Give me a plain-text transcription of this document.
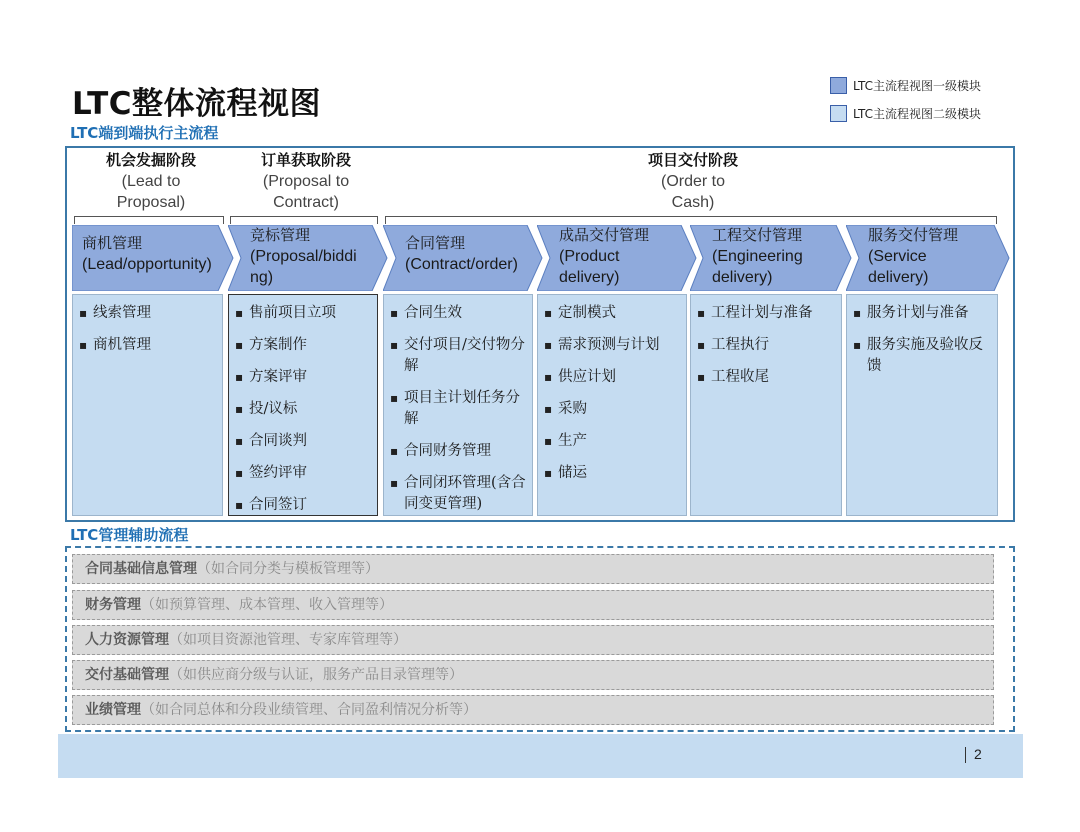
LTC整体流程视图	LTC主流程视图一级模块
LTC主流程视图二级模块
LTC端到端执行主流程
机会发掘阶段
(Lead to
Proposal)
订单获取阶段
(Proposal to
Contract)
项目交付阶段
(Order to
Cash)
商机管理
(Lead/opportunity)
竞标管理
(Proposal/biddi ng)
合同管理
(Contract/order)
成品交付管理
(Product delivery)
工程交付管理
(Engineering delivery)
服务交付管理
(Service delivery)
▪ 线索管理
▪ 商机管理
▪ 售前项目立项
▪ 方案制作
▪ 方案评审
▪ 投/议标
▪ 合同谈判
▪ 签约评审
▪ 合同签订
▪ 合同生效
▪ 交付项目/交付物分解
▪ 项目主计划任务分解
▪ 合同财务管理
▪ 合同闭环管理(含合同变更管理)
▪ 定制模式
▪ 需求预测与计划
▪ 供应计划
▪ 采购
▪ 生产
▪ 储运
▪ 工程计划与准备
▪ 工程执行
▪ 工程收尾
▪ 服务计划与准备
▪ 服务实施及验收反馈
LTC管理辅助流程
合同基础信息管理（如合同分类与模板管理等）
财务管理（如预算管理、成本管理、收入管理等）
人力资源管理（如项目资源池管理、专家库管理等）
交付基础管理（如供应商分级与认证，服务产品目录管理等）
业绩管理（如合同总体和分段业绩管理、合同盈利情况分析等）
2
